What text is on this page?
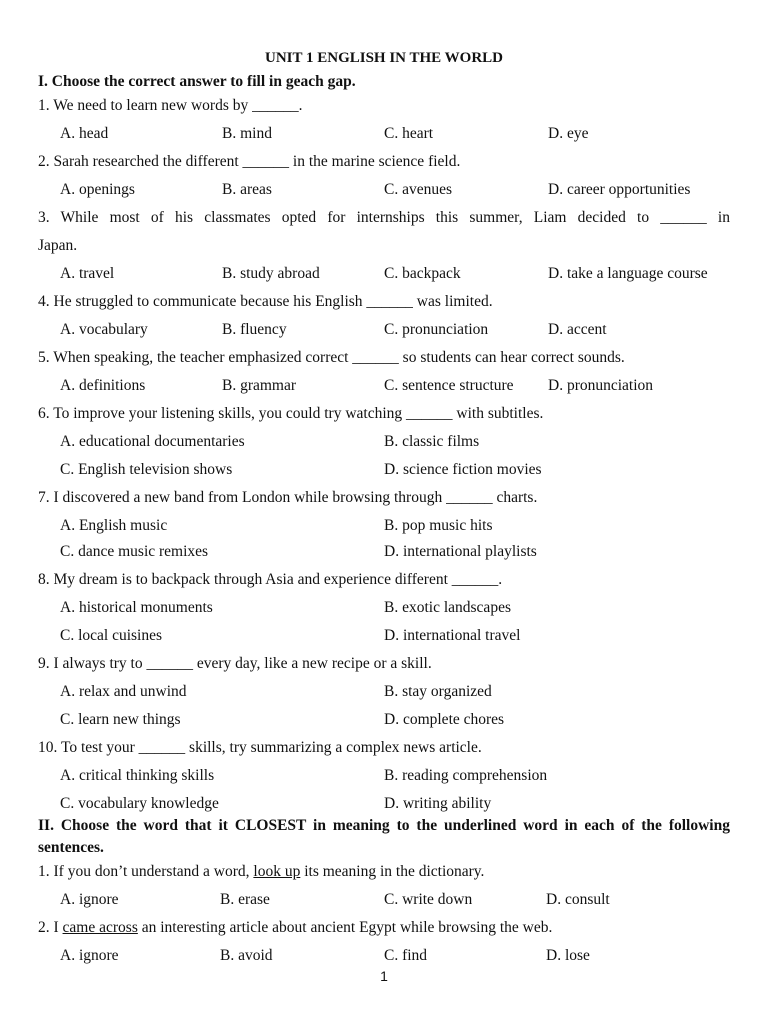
UNIT 1 ENGLISH IN THE WORLD
I. Choose the correct answer to fill in geach gap.
1. We need to learn new words by ______.
A. head	B. mind	C. heart	D. eye
2. Sarah researched the different ______ in the marine science field.
A. openings	B. areas	C. avenues	D. career opportunities
3. While most of his classmates opted for internships this summer, Liam decided to ______ in
Japan.
A. travel	B. study abroad	C. backpack	D. take a language course
4. He struggled to communicate because his English ______ was limited.
A. vocabulary	B. fluency	C. pronunciation	D. accent
5. When speaking, the teacher emphasized correct ______ so students can hear correct sounds.
A. definitions	B. grammar	C. sentence structure D. pronunciation
6. To improve your listening skills, you could try watching ______ with subtitles.
A. educational documentaries	B. classic films
C. English television shows	D. science fiction movies
7. I discovered a new band from London while browsing through ______ charts.
A. English music	B. pop music hits
C. dance music remixes	D. international playlists
8. My dream is to backpack through Asia and experience different ______.
A. historical monuments	B. exotic landscapes
C. local cuisines	D. international travel
9. I always try to ______ every day, like a new recipe or a skill.
A. relax and unwind	B. stay organized
C. learn new things	D. complete chores
10. To test your ______ skills, try summarizing a complex news article.
A. critical thinking skills	B. reading comprehension
C. vocabulary knowledge	D. writing ability
II. Choose the word that it CLOSEST in meaning to the underlined word in each of the following
sentences.
1. If you don’t understand a word, look up its meaning in the dictionary.
A. ignore	B. erase	C. write down	D. consult
2. I came across an interesting article about ancient Egypt while browsing the web.
A. ignore	B. avoid	C. find	D. lose
1
